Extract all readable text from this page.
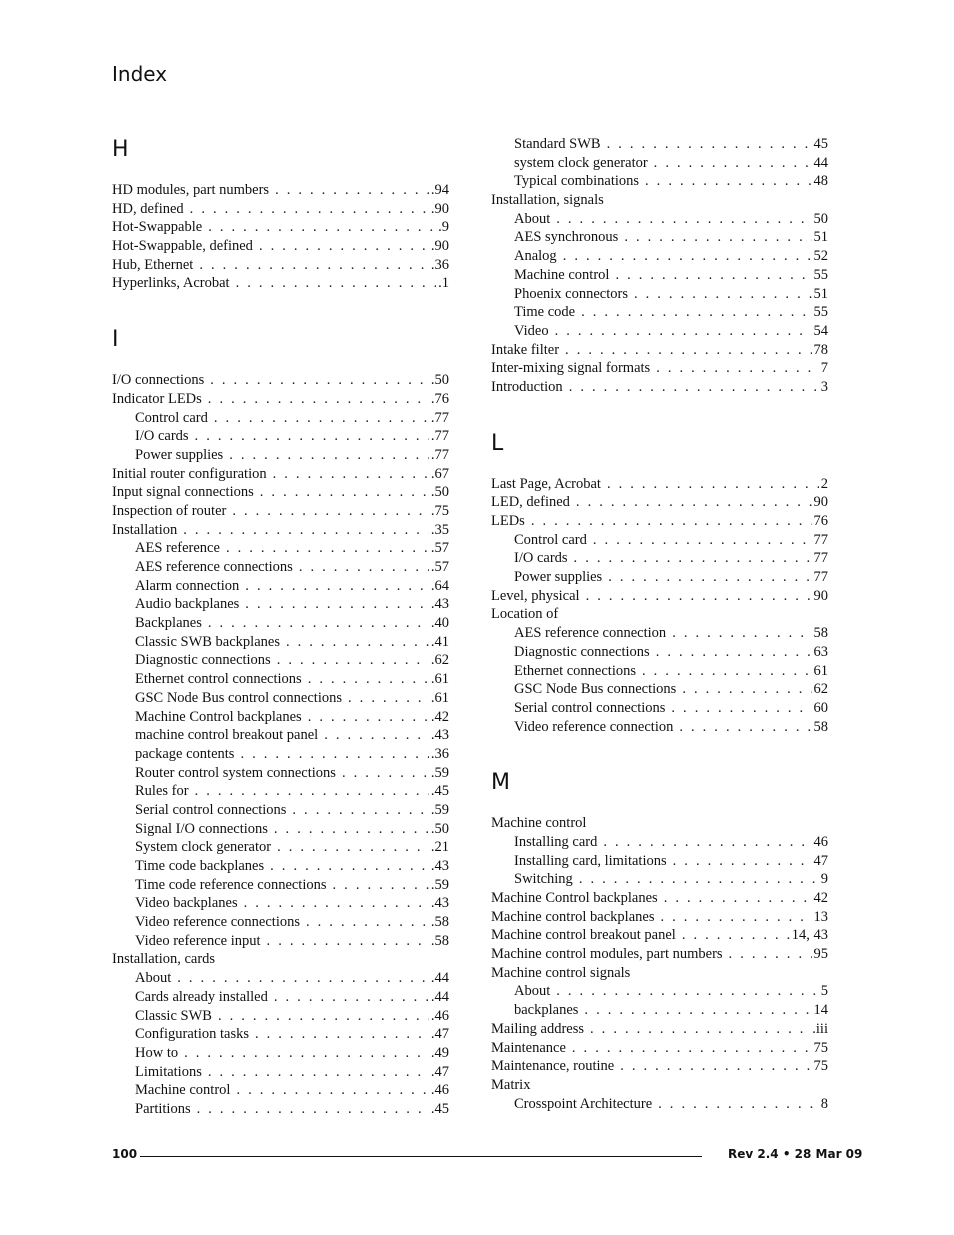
Index
H
HD modules, part numbers . . .	.94
HD, defined . . .	.90
Hot-Swappable . . .	.9
Hot-Swappable, defined . . .	.90
Hub, Ethernet . . .	.36
Hyperlinks, Acrobat . . .	.1
I
I/O connections . . .	.50
Indicator LEDs . . .	.76
Control card . . .	.77
I/O cards . . .	.77
Power supplies . . .	.77
Initial router configuration . . .	.67
Input signal connections . . .	.50
Inspection of router . . .	.75
Installation . . .	.35
AES reference . . .	.57
AES reference connections . . .	.57
Alarm connection . . .	.64
Audio backplanes . . .	.43
Backplanes . . .	.40
Classic SWB backplanes . . .	.41
Diagnostic connections . . .	.62
Ethernet control connections . . .	.61
GSC Node Bus control connections . . .	.61
Machine Control backplanes . . .	.42
machine control breakout panel . . .	.43
package contents . . .	.36
Router control system connections . . .	.59
Rules for . . .	.45
Serial control connections . . .	.59
Signal I/O connections . . .	.50
System clock generator . . .	.21
Time code backplanes . . .	.43
Time code reference connections . . .	.59
Video backplanes . . .	.43
Video reference connections . . .	.58
Video reference input . . .	.58
Installation, cards
About . . .	.44
Cards already installed . . .	.44
Classic SWB . . .	.46
Configuration tasks . . .	.47
How to . . .	.49
Limitations . . .	.47
Machine control . . .	.46
Partitions . . .	.45
Standard SWB . . .	45
system clock generator . . .	44
Typical combinations . . .	48
Installation, signals
About . . .	50
AES synchronous . . .	51
Analog . . .	52
Machine control . . .	55
Phoenix connectors . . .	51
Time code . . .	55
Video . . .	54
Intake filter . . .	78
Inter-mixing signal formats . . .	7
Introduction . . .	3
L
Last Page, Acrobat . . .	2
LED, defined . . .	90
LEDs . . .	76
Control card . . .	77
I/O cards . . .	77
Power supplies . . .	77
Level, physical . . .	90
Location of
AES reference connection . . .	58
Diagnostic connections . . .	63
Ethernet connections . . .	61
GSC Node Bus connections . . .	62
Serial control connections . . .	60
Video reference connection . . .	58
M
Machine control
Installing card . . .	46
Installing card, limitations . . .	47
Switching . . .	9
Machine Control backplanes . . .	42
Machine control backplanes . . .	13
Machine control breakout panel . . .	14, 43
Machine control modules, part numbers . . .	95
Machine control signals
About . . .	5
backplanes . . .	14
Mailing address . . .	.iii
Maintenance . . .	75
Maintenance, routine . . .	75
Matrix
Crosspoint Architecture . . .	8
100	Rev 2.4 • 28 Mar 09
